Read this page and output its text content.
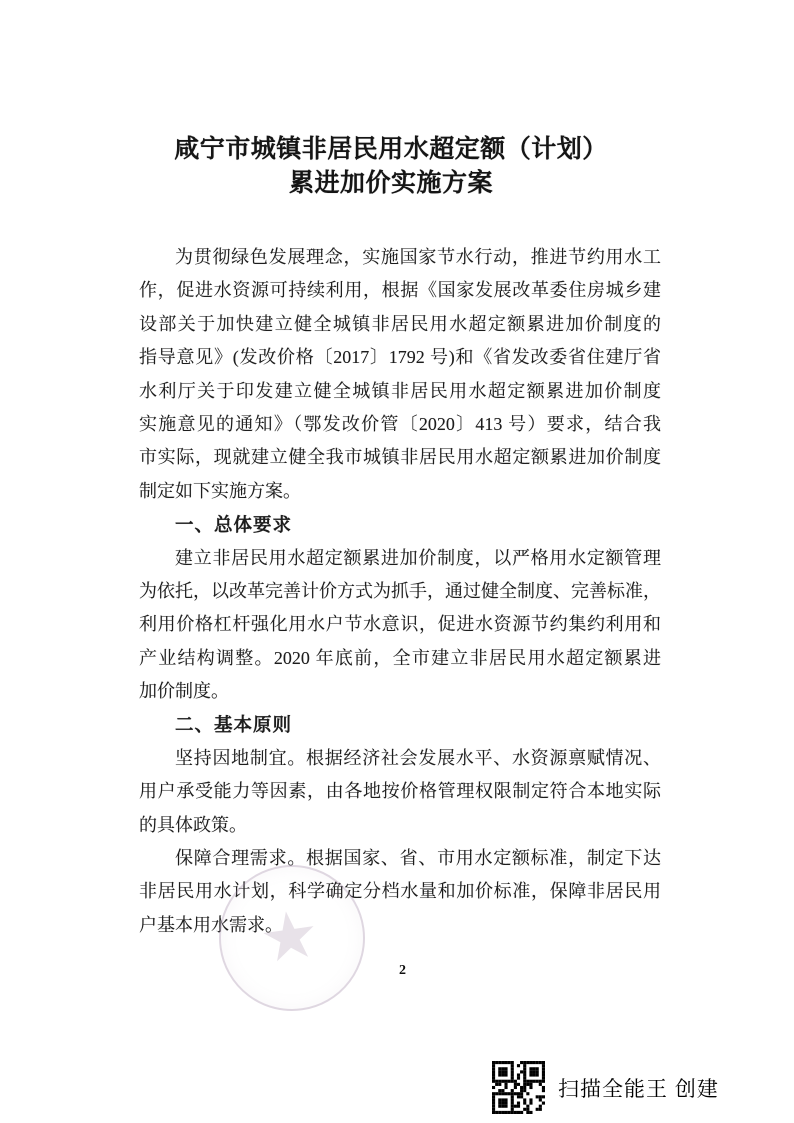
咸宁市城镇非居民用水超定额（计划）
累进加价实施方案
为贯彻绿色发展理念，实施国家节水行动，推进节约用水工
作，促进水资源可持续利用，根据《国家发展改革委住房城乡建
设部关于加快建立健全城镇非居民用水超定额累进加价制度的
指导意见》(发改价格〔2017〕1792 号)和《省发改委省住建厅省
水利厅关于印发建立健全城镇非居民用水超定额累进加价制度
实施意见的通知》（鄂发改价管〔2020〕413 号）要求，结合我
市实际，现就建立健全我市城镇非居民用水超定额累进加价制度
制定如下实施方案。
一、总体要求
建立非居民用水超定额累进加价制度，以严格用水定额管理
为依托，以改革完善计价方式为抓手，通过健全制度、完善标准，
利用价格杠杆强化用水户节水意识，促进水资源节约集约利用和
产业结构调整。2020 年底前，全市建立非居民用水超定额累进
加价制度。
二、基本原则
坚持因地制宜。根据经济社会发展水平、水资源禀赋情况、
用户承受能力等因素，由各地按价格管理权限制定符合本地实际
的具体政策。
保障合理需求。根据国家、省、市用水定额标准，制定下达
非居民用水计划，科学确定分档水量和加价标准，保障非居民用
户基本用水需求。
★	2
扫描全能王 创建
